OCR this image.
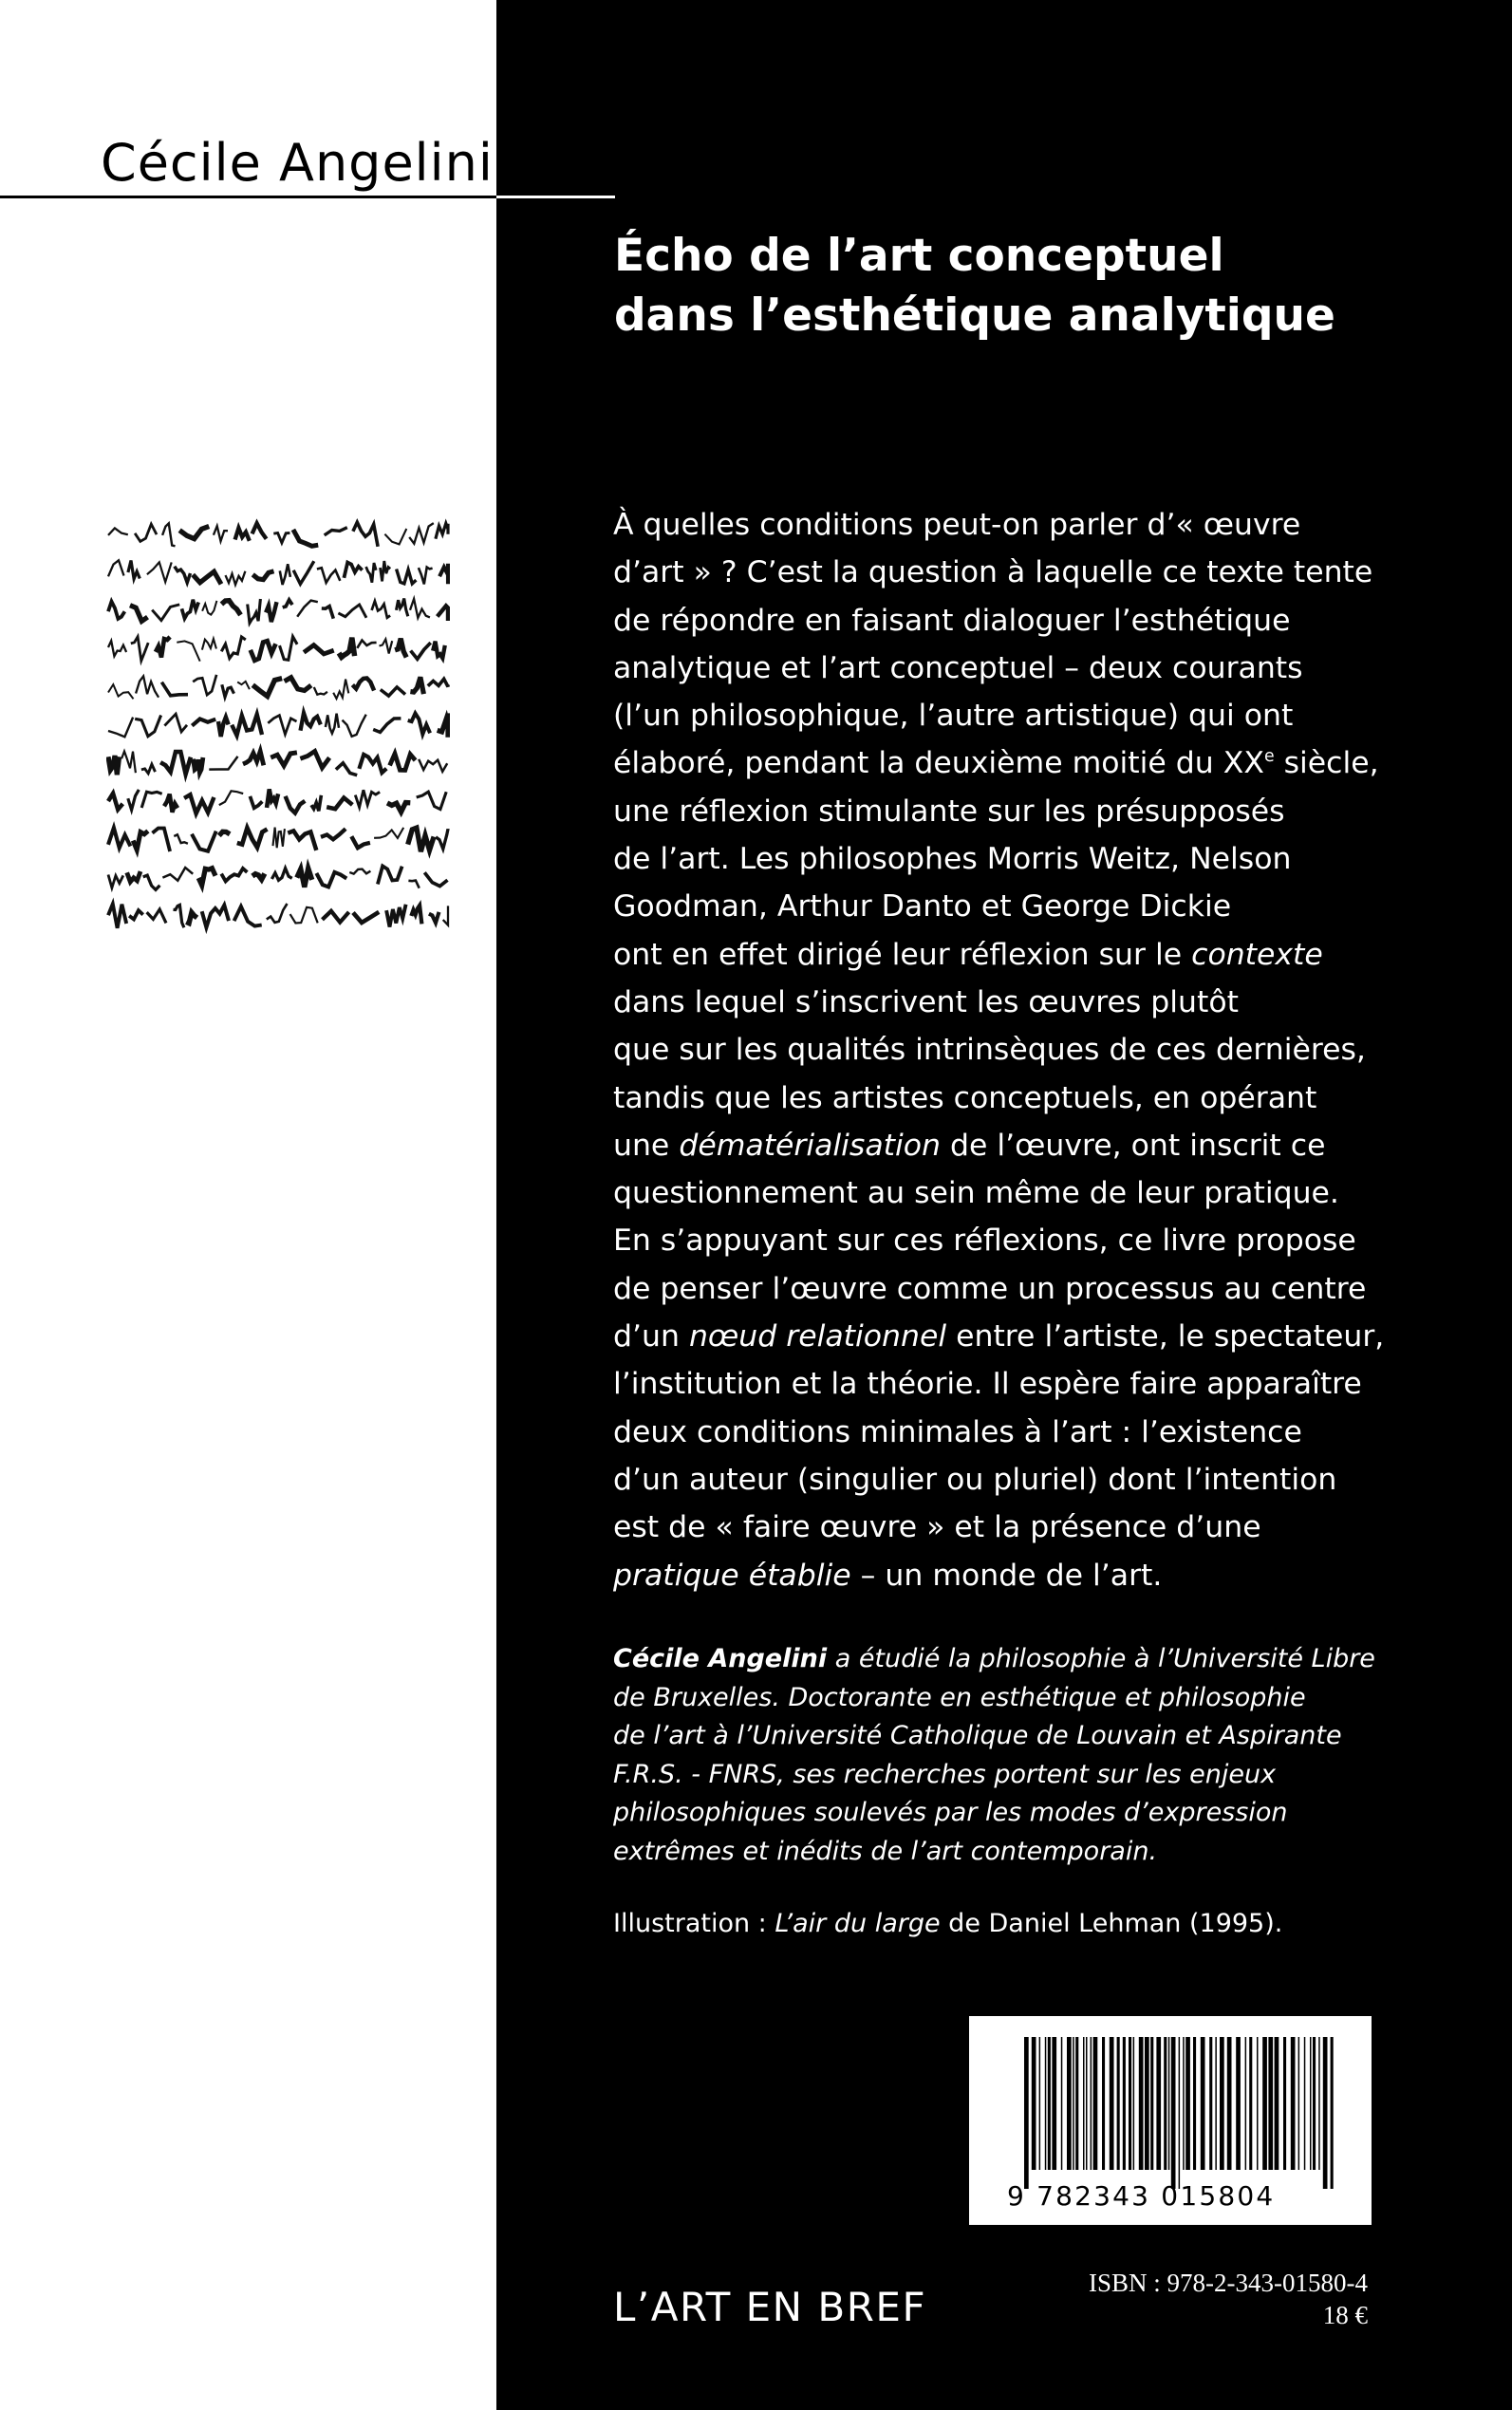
Cécile Angelini
Écho de l’art conceptuel
dans l’esthétique analytique

À quelles conditions peut-on parler d’« œuvre
d’art » ? C’est la question à laquelle ce texte tente
de répondre en faisant dialoguer l’esthétique
analytique et l’art conceptuel – deux courants
(l’un philosophique, l’autre artistique) qui ont
élaboré, pendant la deuxième moitié du XXe siècle,
une réflexion stimulante sur les présupposés
de l’art. Les philosophes Morris Weitz, Nelson
Goodman, Arthur Danto et George Dickie
ont en effet dirigé leur réflexion sur le contexte
dans lequel s’inscrivent les œuvres plutôt
que sur les qualités intrinsèques de ces dernières,
tandis que les artistes conceptuels, en opérant
une dématérialisation de l’œuvre, ont inscrit ce
questionnement au sein même de leur pratique.
En s’appuyant sur ces réflexions, ce livre propose
de penser l’œuvre comme un processus au centre
d’un nœud relationnel entre l’artiste, le spectateur,
l’institution et la théorie. Il espère faire apparaître
deux conditions minimales à l’art : l’existence
d’un auteur (singulier ou pluriel) dont l’intention
est de « faire œuvre » et la présence d’une
pratique établie – un monde de l’art.

Cécile Angelini a étudié la philosophie à l’Université Libre
de Bruxelles. Doctorante en esthétique et philosophie
de l’art à l’Université Catholique de Louvain et Aspirante
F.R.S. - FNRS, ses recherches portent sur les enjeux
philosophiques soulevés par les modes d’expression
extrêmes et inédits de l’art contemporain.

Illustration : L’air du large de Daniel Lehman (1995).

9 782343 015804

L’ART EN BREF

ISBN : 978-2-343-01580-4

18 €
